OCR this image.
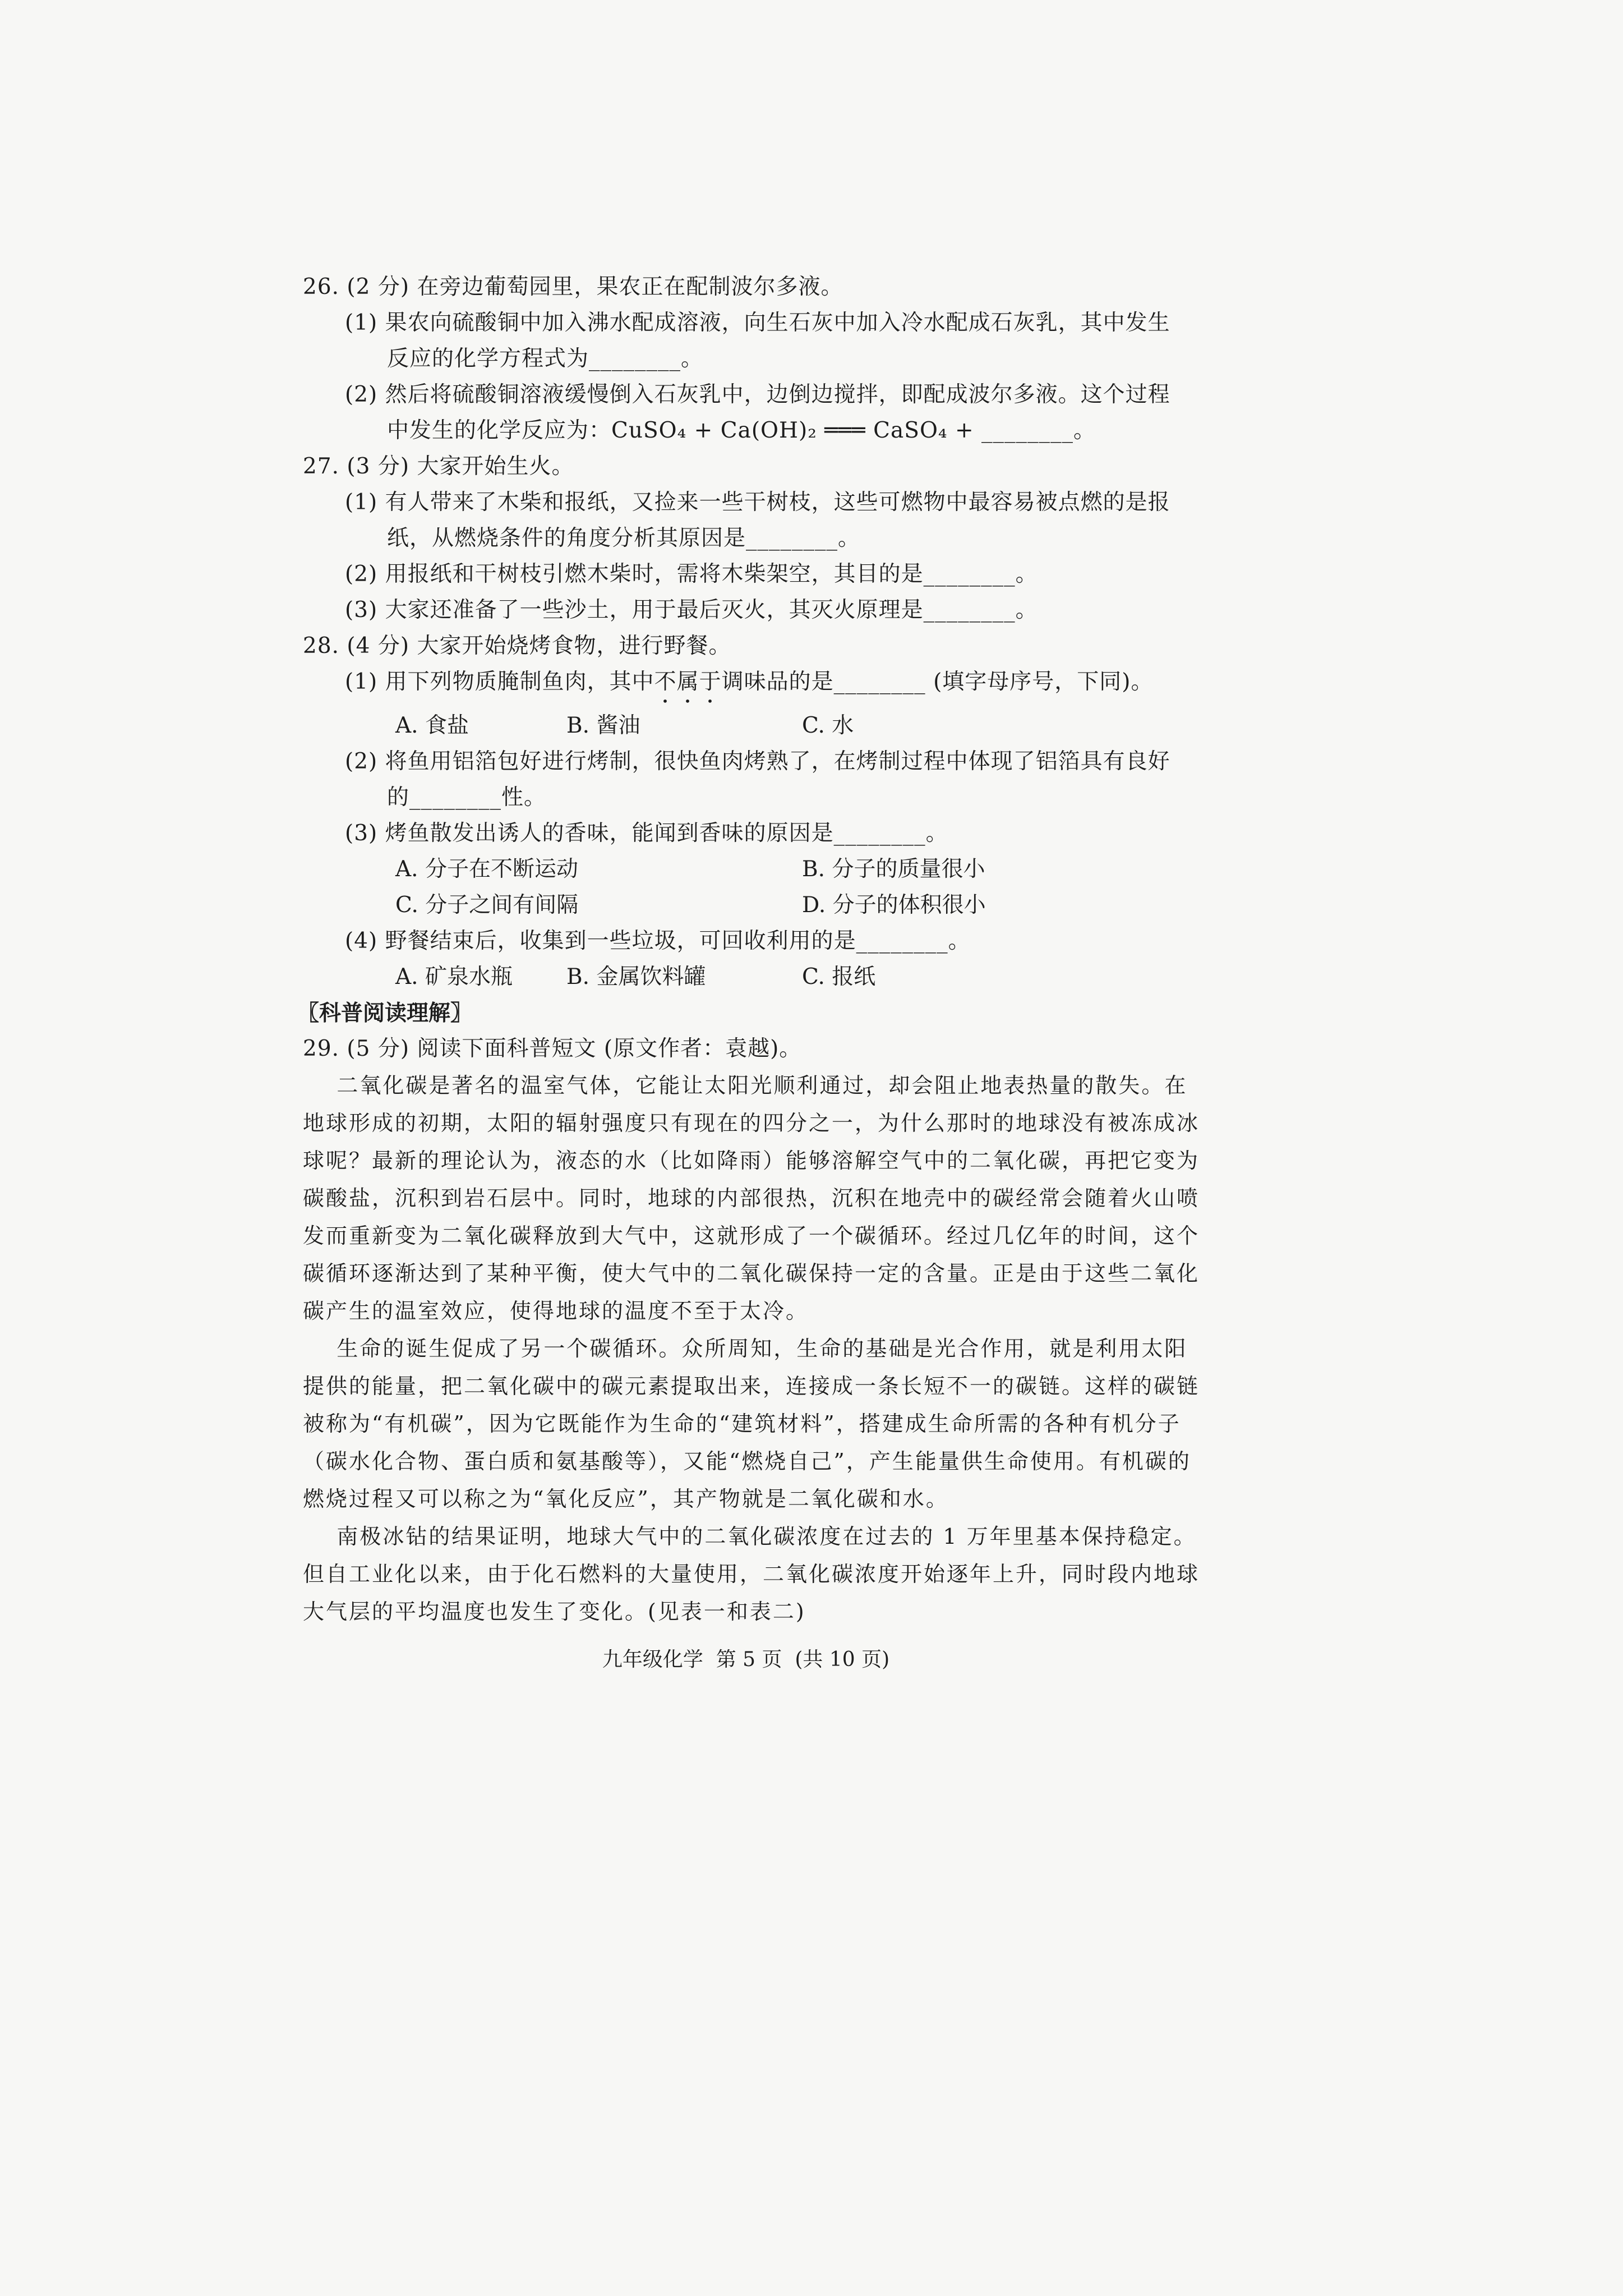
26. (2 分) 在旁边葡萄园里，果农正在配制波尔多液。
(1) 果农向硫酸铜中加入沸水配成溶液，向生石灰中加入冷水配成石灰乳，其中发生
反应的化学方程式为________。
(2) 然后将硫酸铜溶液缓慢倒入石灰乳中，边倒边搅拌，即配成波尔多液。这个过程
中发生的化学反应为：CuSO₄ + Ca(OH)₂ ═══ CaSO₄ + ________。
27. (3 分) 大家开始生火。
(1) 有人带来了木柴和报纸，又捡来一些干树枝，这些可燃物中最容易被点燃的是报
纸，从燃烧条件的角度分析其原因是________。
(2) 用报纸和干树枝引燃木柴时，需将木柴架空，其目的是________。
(3) 大家还准备了一些沙土，用于最后灭火，其灭火原理是________。
28. (4 分) 大家开始烧烤食物，进行野餐。
(1) 用下列物质腌制鱼肉，其中不属于调味品的是________ (填字母序号，下同)。
A. 食盐	B. 酱油	C. 水
(2) 将鱼用铝箔包好进行烤制，很快鱼肉烤熟了，在烤制过程中体现了铝箔具有良好
的________性。
(3) 烤鱼散发出诱人的香味，能闻到香味的原因是________。
A. 分子在不断运动	B. 分子的质量很小
C. 分子之间有间隔	D. 分子的体积很小
(4) 野餐结束后，收集到一些垃圾，可回收利用的是________。
A. 矿泉水瓶	B. 金属饮料罐	C. 报纸
〖科普阅读理解〗
29. (5 分) 阅读下面科普短文 (原文作者：袁越)。
二氧化碳是著名的温室气体，它能让太阳光顺利通过，却会阻止地表热量的散失。在
地球形成的初期，太阳的辐射强度只有现在的四分之一，为什么那时的地球没有被冻成冰
球呢？最新的理论认为，液态的水（比如降雨）能够溶解空气中的二氧化碳，再把它变为
碳酸盐，沉积到岩石层中。同时，地球的内部很热，沉积在地壳中的碳经常会随着火山喷
发而重新变为二氧化碳释放到大气中，这就形成了一个碳循环。经过几亿年的时间，这个
碳循环逐渐达到了某种平衡，使大气中的二氧化碳保持一定的含量。正是由于这些二氧化
碳产生的温室效应，使得地球的温度不至于太冷。
生命的诞生促成了另一个碳循环。众所周知，生命的基础是光合作用，就是利用太阳
提供的能量，把二氧化碳中的碳元素提取出来，连接成一条长短不一的碳链。这样的碳链
被称为“有机碳”，因为它既能作为生命的“建筑材料”，搭建成生命所需的各种有机分子
（碳水化合物、蛋白质和氨基酸等），又能“燃烧自己”，产生能量供生命使用。有机碳的
燃烧过程又可以称之为“氧化反应”，其产物就是二氧化碳和水。
南极冰钻的结果证明，地球大气中的二氧化碳浓度在过去的 1 万年里基本保持稳定。
但自工业化以来，由于化石燃料的大量使用，二氧化碳浓度开始逐年上升，同时段内地球
大气层的平均温度也发生了变化。(见表一和表二)
九年级化学  第 5 页  (共 10 页)
